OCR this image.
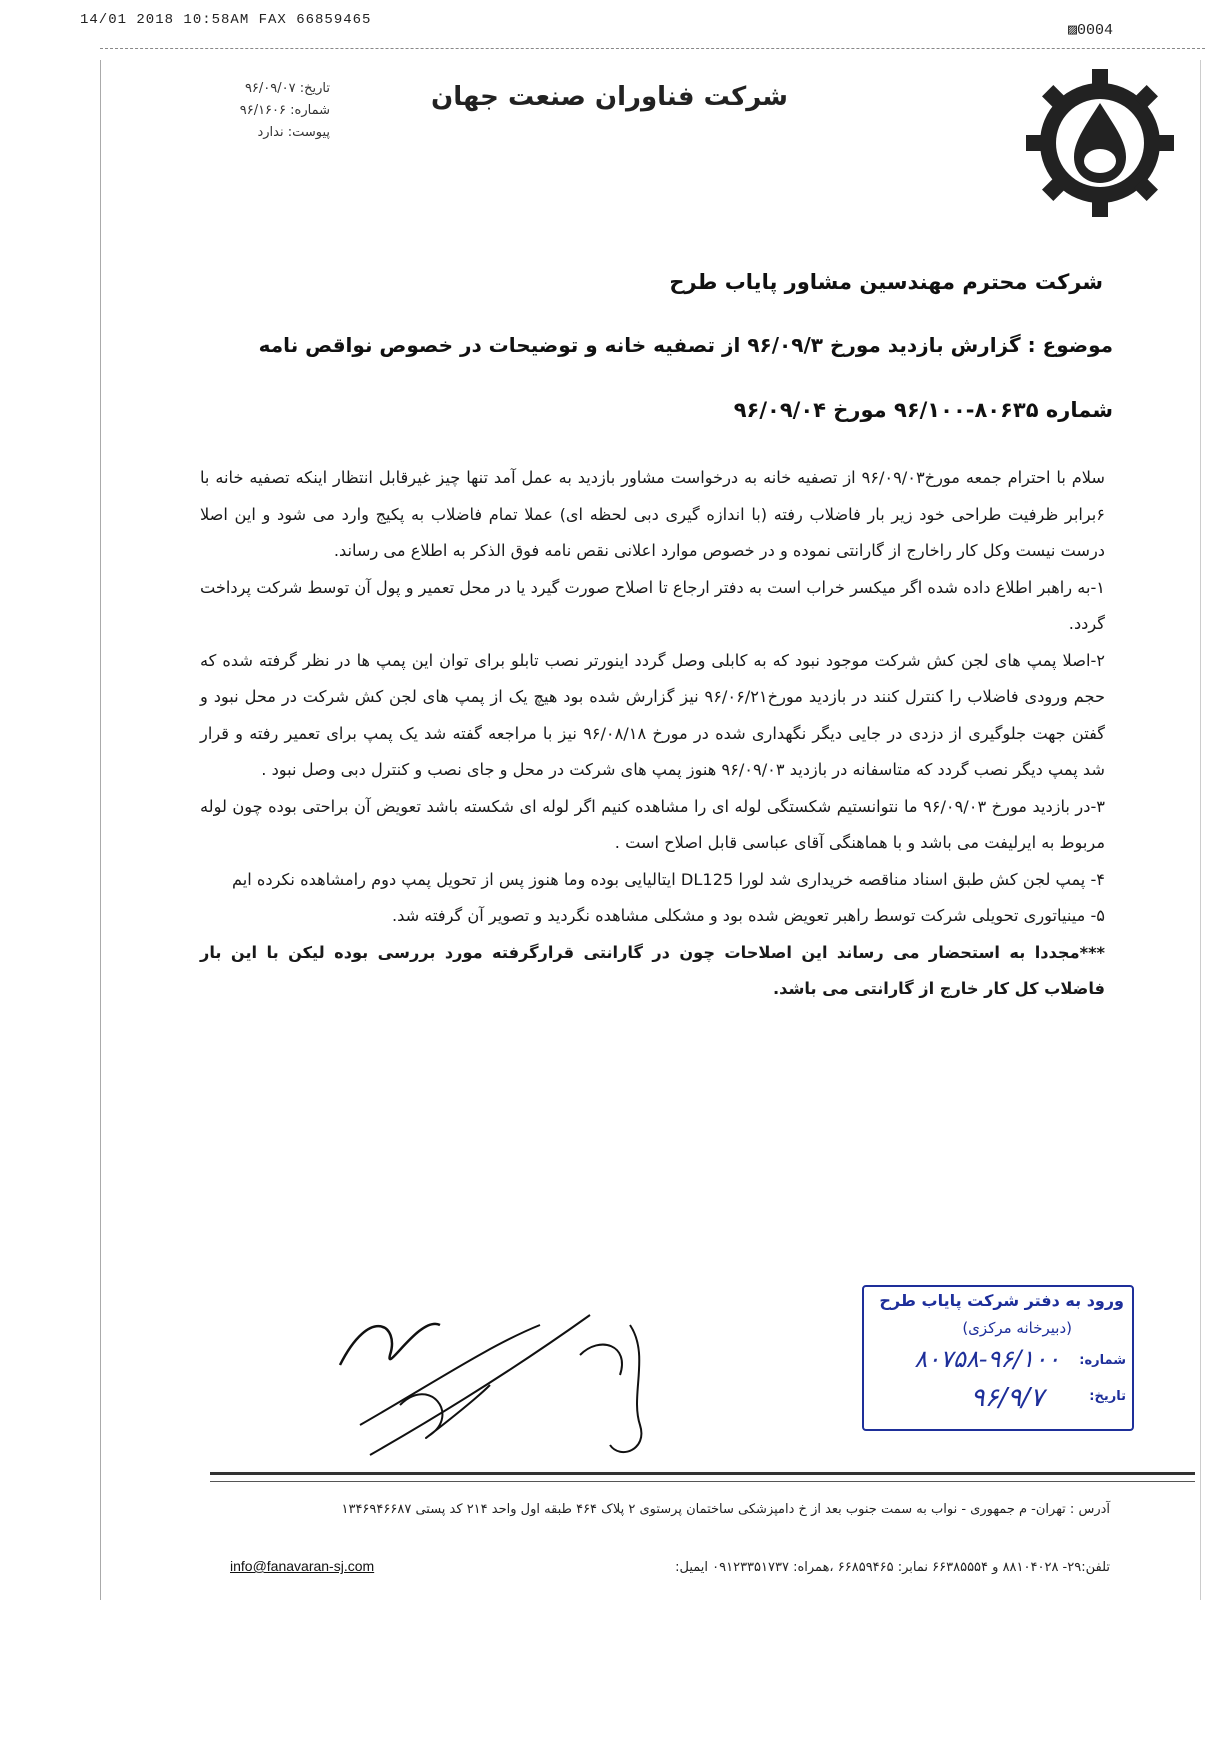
14/01 2018 10:58AM FAX 66859465
▨0004
شرکت فناوران صنعت جهان
تاریخ: ۹۶/۰۹/۰۷
شماره: ۹۶/۱۶۰۶
پیوست: ندارد
شرکت محترم مهندسین مشاور پایاب طرح
موضوع : گزارش بازدید مورخ ۹۶/۰۹/۳ از تصفیه خانه و توضیحات در خصوص نواقص نامه
شماره ۸۰۶۳۵-۹۶/۱۰۰ مورخ ۹۶/۰۹/۰۴

سلام با احترام جمعه مورخ۹۶/۰۹/۰۳ از تصفیه خانه به درخواست مشاور بازدید به عمل آمد تنها چیز غیرقابل انتظار اینکه تصفیه خانه با ۶برابر ظرفیت طراحی خود زیر بار فاضلاب رفته (با اندازه گیری دبی لحظه ای) عملا تمام فاضلاب به پکیج وارد می شود و این اصلا درست نیست وکل کار راخارج از گارانتی نموده و در خصوص موارد اعلانی نقص نامه فوق الذکر به اطلاع می رساند.

۱-به راهبر اطلاع داده شده اگر میکسر خراب است به دفتر ارجاع تا اصلاح صورت گیرد یا در محل تعمیر و پول آن توسط شرکت پرداخت گردد.

۲-اصلا پمپ های لجن کش شرکت موجود نبود که به کابلی وصل گردد اینورتر نصب تابلو برای توان این پمپ ها در نظر گرفته شده که حجم ورودی فاضلاب را کنترل کنند در بازدید مورخ۹۶/۰۶/۲۱ نیز گزارش شده بود هیچ یک از پمپ های لجن کش شرکت در محل نبود و گفتن جهت جلوگیری از دزدی در جایی دیگر نگهداری شده در مورخ ۹۶/۰۸/۱۸ نیز با مراجعه گفته شد یک پمپ برای تعمیر رفته و قرار شد پمپ دیگر نصب گردد که متاسفانه در بازدید ۹۶/۰۹/۰۳ هنوز پمپ های شرکت در محل و جای نصب و کنترل دبی وصل نبود .

۳-در بازدید مورخ ۹۶/۰۹/۰۳ ما نتوانستیم شکستگی لوله ای را مشاهده کنیم اگر لوله ای شکسته باشد تعویض آن براحتی بوده چون لوله مربوط به ایرلیفت می باشد و با هماهنگی آقای عباسی قابل اصلاح است .

۴- پمپ لجن کش طبق اسناد مناقصه خریداری شد لورا DL125 ایتالیایی بوده وما هنوز پس از تحویل پمپ دوم رامشاهده نکرده ایم

۵- مینیاتوری تحویلی شرکت توسط راهبر تعویض شده بود و مشکلی مشاهده نگردید و تصویر آن گرفته شد.

***مجددا به استحضار می رساند این اصلاحات چون در گارانتی قرارگرفته مورد بررسی بوده لیکن با این بار فاضلاب کل کار خارج از گارانتی می باشد.

ورود به دفتر شرکت پایاب طرح
(دبیرخانه مرکزی)
شماره:
۸۰۷۵۸-۹۶/۱۰۰
تاریخ:
۹۶/۹/۷
آدرس : تهران- م جمهوری - نواب به سمت جنوب بعد از خ دامپزشکی ساختمان پرستوی ۲ پلاک ۴۶۴ طبقه اول واحد ۲۱۴ کد پستی ۱۳۴۶۹۴۶۶۸۷
تلفن:۲۹- ۸۸۱۰۴۰۲۸ و ۶۶۳۸۵۵۵۴ نمابر: ۶۶۸۵۹۴۶۵ ،همراه: ۰۹۱۲۳۳۵۱۷۳۷ ایمیل:
info@fanavaran-sj.com
